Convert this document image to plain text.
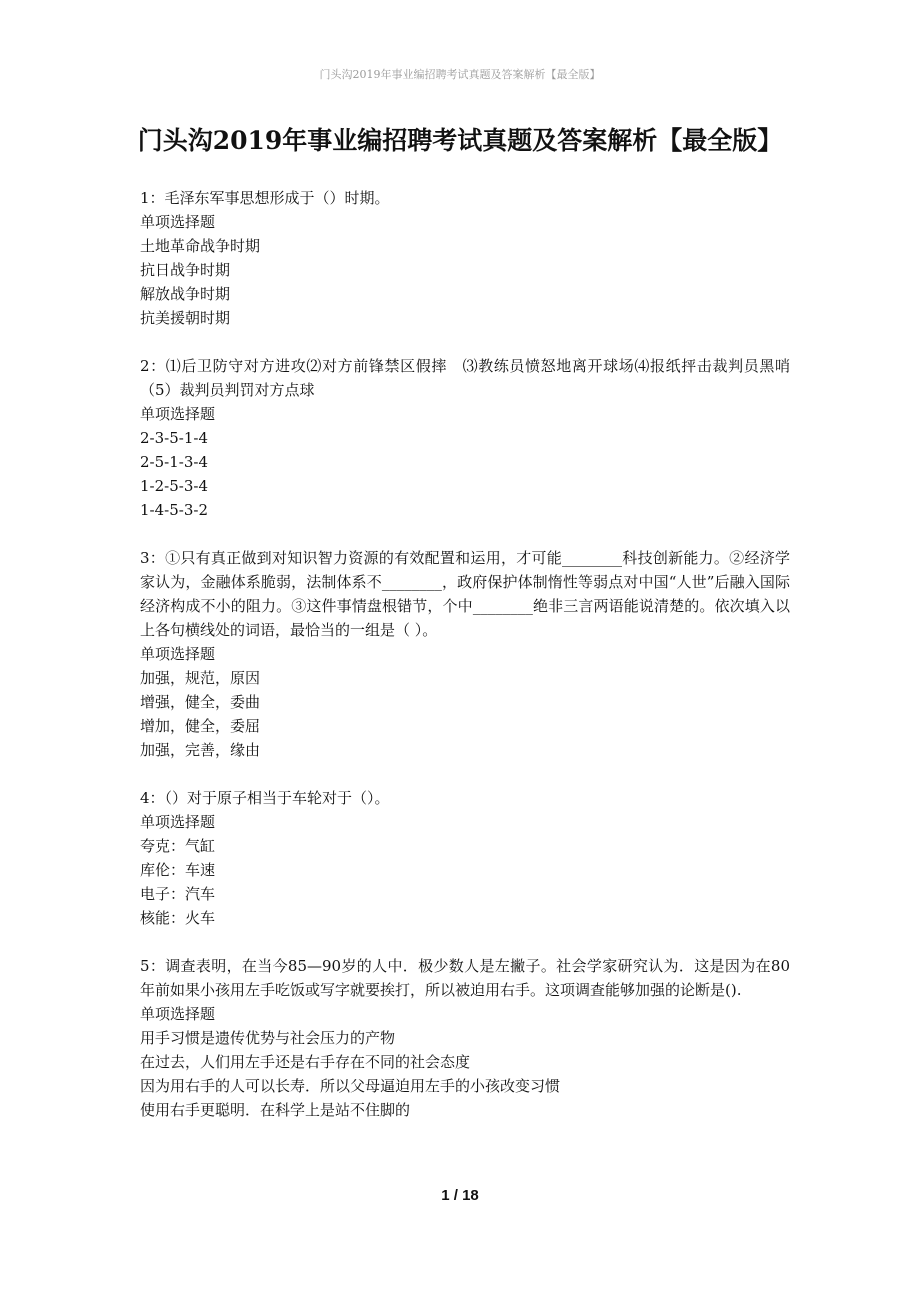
门头沟2019年事业编招聘考试真题及答案解析【最全版】
门头沟2019年事业编招聘考试真题及答案解析【最全版】

1：毛泽东军事思想形成于（）时期。

单项选择题

土地革命战争时期

抗日战争时期

解放战争时期

抗美援朝时期

2：⑴后卫防守对方进攻⑵对方前锋禁区假摔　⑶教练员愤怒地离开球场⑷报纸抨击裁判员黑哨　（5）裁判员判罚对方点球

单项选择题

2-3-5-1-4

2-5-1-3-4

1-2-5-3-4

1-4-5-3-2

3：①只有真正做到对知识智力资源的有效配置和运用，才可能________科技创新能力。②经济学家认为，金融体系脆弱，法制体系不________，政府保护体制惰性等弱点对中国“人世”后融入国际经济构成不小的阻力。③这件事情盘根错节，个中________绝非三言两语能说清楚的。依次填入以上各句横线处的词语，最恰当的一组是（ ）。

单项选择题

加强，规范，原因

增强，健全，委曲

增加，健全，委屈

加强，完善，缘由

4：（）对于原子相当于车轮对于（）。

单项选择题

夸克：气缸

库伦：车速

电子：汽车

核能：火车

5：调查表明，在当今85—90岁的人中．极少数人是左撇子。社会学家研究认为．这是因为在80年前如果小孩用左手吃饭或写字就要挨打，所以被迫用右手。这项调查能够加强的论断是().

单项选择题

用手习惯是遗传优势与社会压力的产物

在过去，人们用左手还是右手存在不同的社会态度

因为用右手的人可以长寿．所以父母逼迫用左手的小孩改变习惯

使用右手更聪明．在科学上是站不住脚的

1 / 18
